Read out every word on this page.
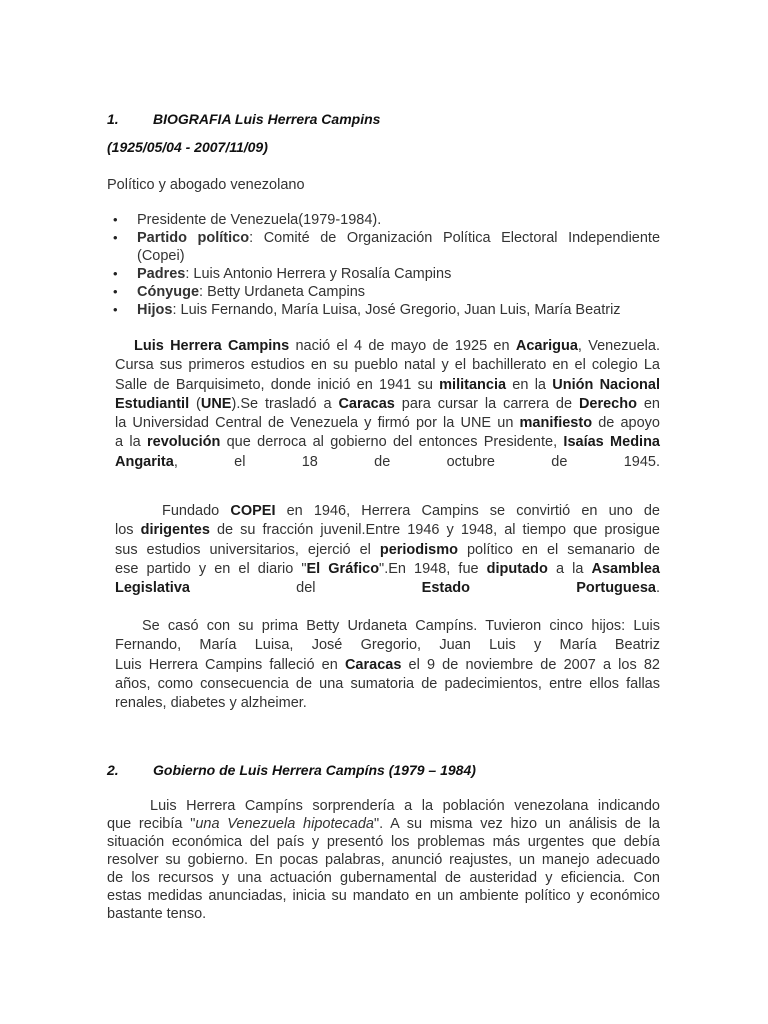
1. BIOGRAFIA Luis Herrera Campins
(1925/05/04 - 2007/11/09)
Político y abogado venezolano
• Presidente de Venezuela(1979-1984).
• Partido político: Comité de Organización Política Electoral Independiente (Copei)
• Padres: Luis Antonio Herrera y Rosalía Campins
• Cónyuge: Betty Urdaneta Campins
• Hijos: Luis Fernando, María Luisa, José Gregorio, Juan Luis, María Beatriz
Luis Herrera Campins nació el 4 de mayo de 1925 en Acarigua, Venezuela.
Cursa sus primeros estudios en su pueblo natal y el bachillerato en el colegio La
Salle de Barquisimeto, donde inició en 1941 su militancia en la Unión Nacional
Estudiantil (UNE).Se trasladó a Caracas para cursar la carrera de Derecho en
la Universidad Central de Venezuela y firmó por la UNE un manifiesto de apoyo
a la revolución que derroca al gobierno del entonces Presidente, Isaías Medina
Angarita, el 18 de octubre de 1945.
Fundado COPEI en 1946, Herrera Campins se convirtió en uno de
los dirigentes de su fracción juvenil.Entre 1946 y 1948, al tiempo que prosigue
sus estudios universitarios, ejerció el periodismo político en el semanario de
ese partido y en el diario "El Gráfico".En 1948, fue diputado a la Asamblea
Legislativa del Estado	Portuguesa.
Se casó con su prima Betty Urdaneta Campíns. Tuvieron cinco hijos: Luis
Fernando, María Luisa, José Gregorio, Juan Luis y María Beatriz
Luis Herrera Campins falleció en Caracas el 9 de noviembre de 2007 a los 82
años, como consecuencia de una sumatoria de padecimientos, entre ellos fallas
renales, diabetes y alzheimer.
2. Gobierno de Luis Herrera Campíns (1979 – 1984)
Luis Herrera Campíns sorprendería a la población venezolana indicando
que recibía "una Venezuela hipotecada". A su misma vez hizo un análisis de la
situación económica del país y presentó los problemas más urgentes que debía
resolver su gobierno. En pocas palabras, anunció reajustes, un manejo adecuado
de los recursos y una actuación gubernamental de austeridad y eficiencia. Con
estas medidas anunciadas, inicia su mandato en un ambiente político y económico
bastante tenso.
